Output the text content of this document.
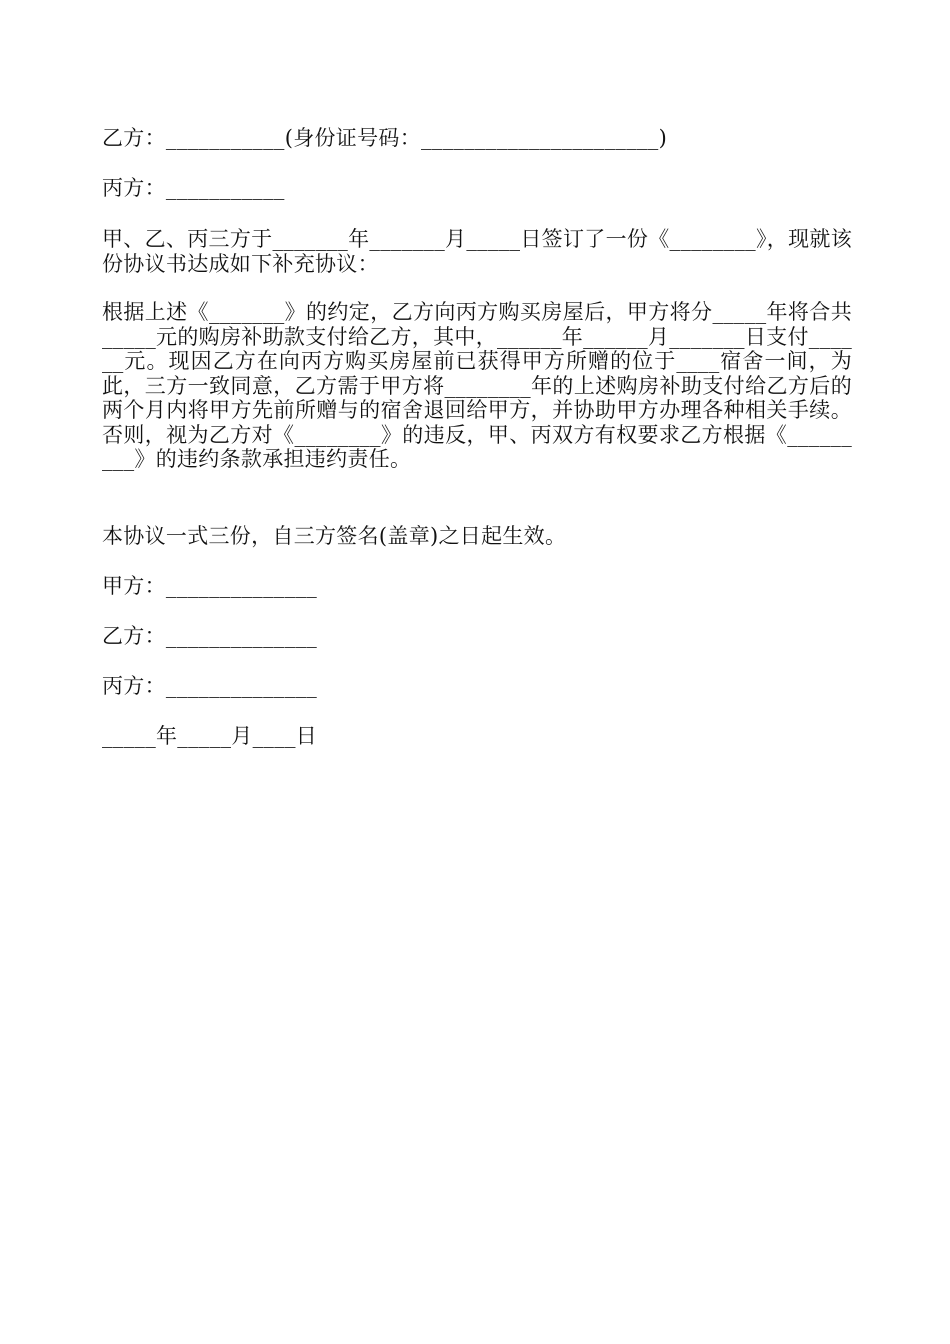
乙方：___________(身份证号码：______________________)
丙方：___________
甲、乙、丙三方于_______年_______月_____日签订了一份《________》，现就该份协议书达成如下补充协议：
根据上述《_______》的约定，乙方向丙方购买房屋后，甲方将分_____年将合共_____元的购房补助款支付给乙方，其中，______年______月_______日支付______元。现因乙方在向丙方购买房屋前已获得甲方所赠的位于____宿舍一间，为此，三方一致同意，乙方需于甲方将________年的上述购房补助支付给乙方后的两个月内将甲方先前所赠与的宿舍退回给甲方，并协助甲方办理各种相关手续。否则，视为乙方对《________》的违反，甲、丙双方有权要求乙方根据《_________》的违约条款承担违约责任。
本协议一式三份，自三方签名(盖章)之日起生效。
甲方：______________
乙方：______________
丙方：______________
_____年_____月____日
